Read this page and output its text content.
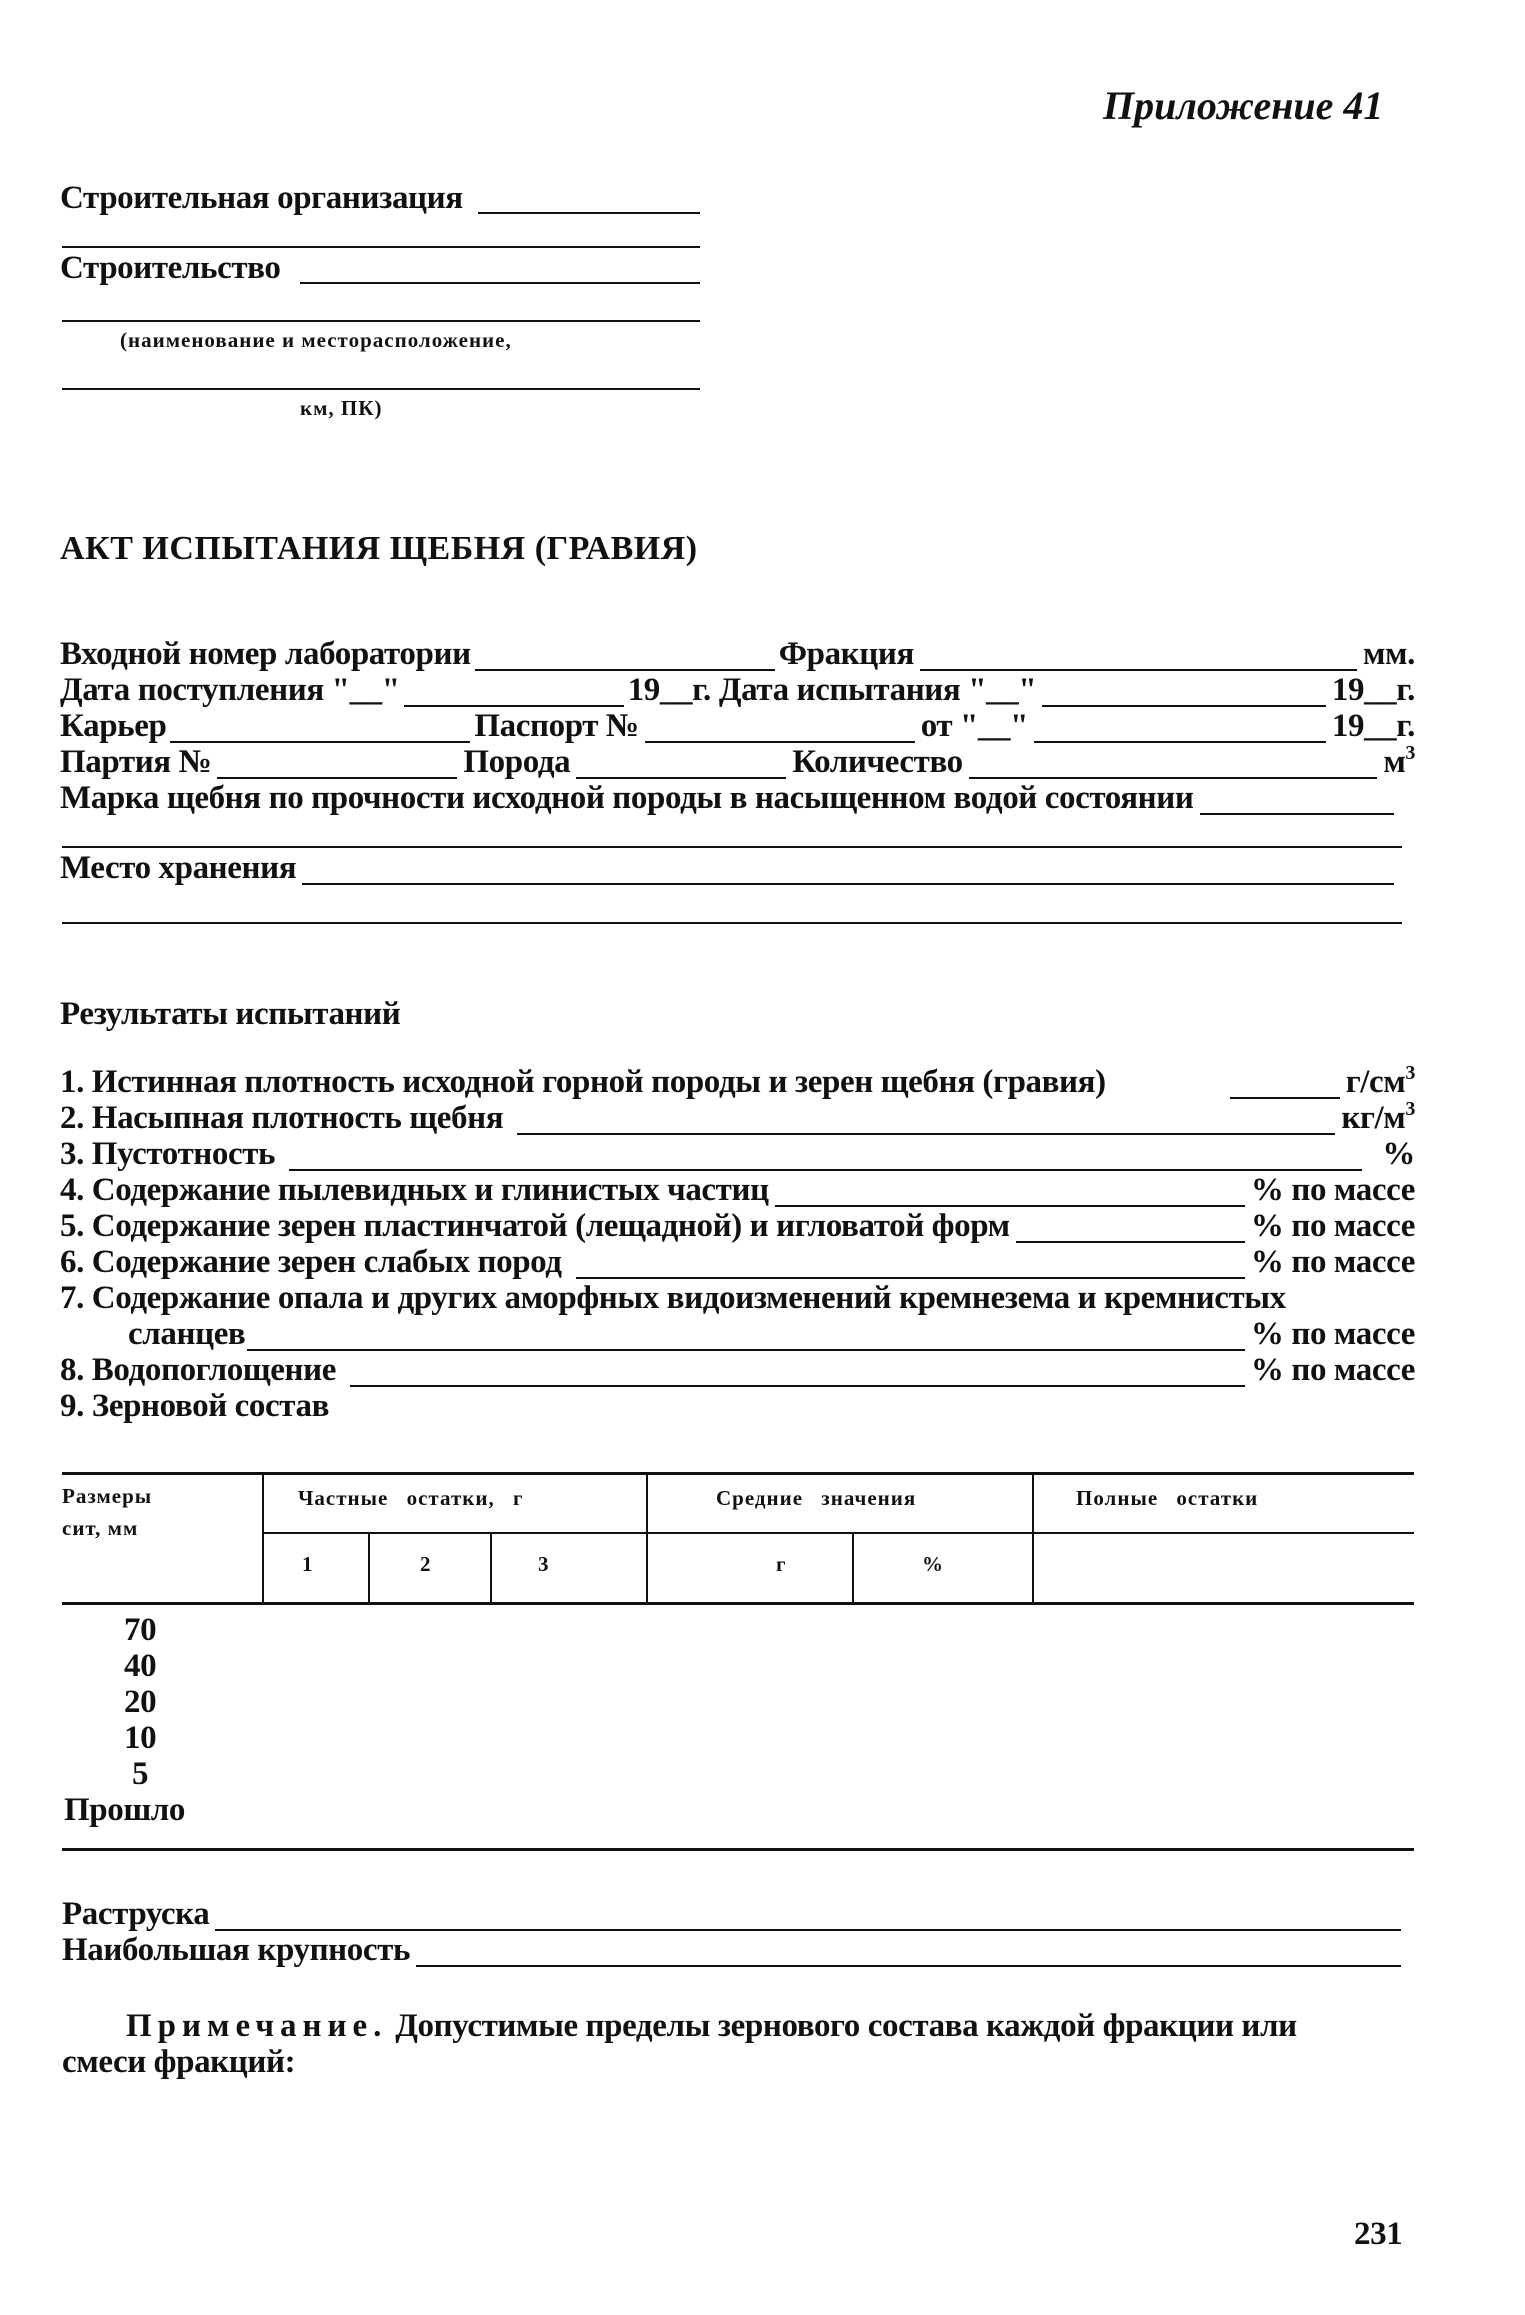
Приложение 41
Строительная организация
Строительство
(наименование и месторасположение,
км, ПК)
АКТ ИСПЫТАНИЯ ЩЕБНЯ (ГРАВИЯ)
Входной номер лаборатории	Фракция	мм.
Дата поступления "__"	19__г. Дата испытания "__"	19__г.
Карьер	Паспорт №	от "__"	19__г.
Партия №	Порода	Количество	$м^3$
Марка щебня по прочности исходной породы в насыщенном водой состоянии
Место хранения
Результаты испытаний
1. Истинная плотность исходной горной породы и зерен щебня (гравия)	$г/см^3$
2. Насыпная плотность щебня	$кг/м^3$
3. Пустотность	%
4. Содержание пылевидных и глинистых частиц	% по массе
5. Содержание зерен пластинчатой (лещадной) и игловатой форм	% по массе
6. Содержание зерен слабых пород	% по массе
7. Содержание опала и других аморфных видоизменений кремнезема и кремнистых
сланцев	% по массе
8. Водопоглощение	% по массе
9. Зерновой состав
Размеры
сит, мм
Частные остатки, г	Средние значения	Полные остатки
1	2	3	г	%
70
40
20
10
5
Прошло
Раструска
Наибольшая крупность
Примечание. Допустимые пределы зернового состава каждой фракции или
смеси фракций:
231
